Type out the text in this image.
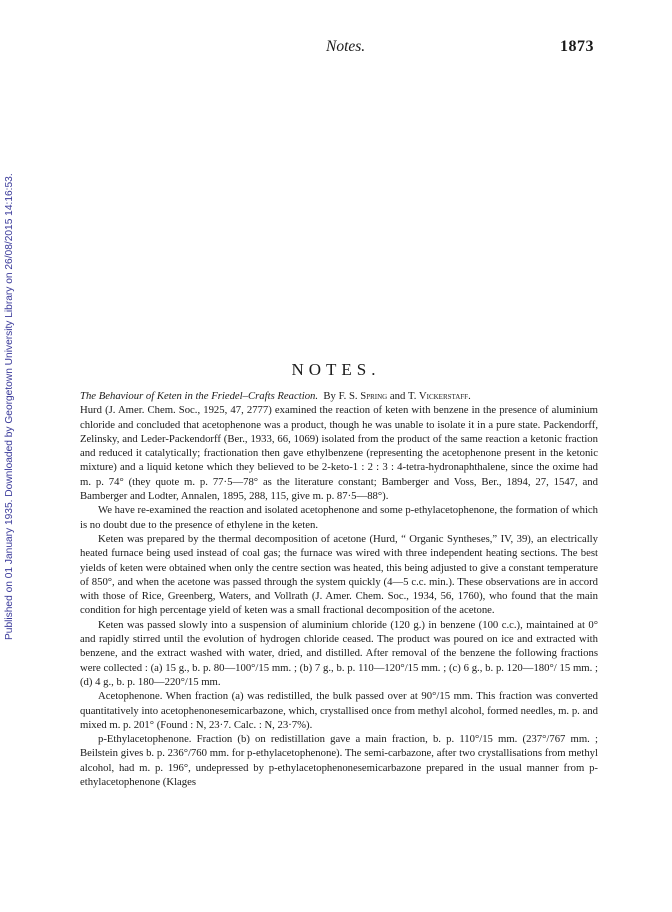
Notes.	1873
Published on 01 January 1935. Downloaded by Georgetown University Library on 26/08/2015 14:16:53.	NOTES.

The Behaviour of Keten in the Friedel–Crafts Reaction. By F. S. Spring and T. Vickerstaff.

Hurd (J. Amer. Chem. Soc., 1925, 47, 2777) examined the reaction of keten with benzene in the presence of aluminium chloride and concluded that acetophenone was a product, though he was unable to isolate it in a pure state. Packendorff, Zelinsky, and Leder-Packendorff (Ber., 1933, 66, 1069) isolated from the product of the same reaction a ketonic fraction and reduced it catalytically; fractionation then gave ethylbenzene (representing the acetophenone present in the ketonic mixture) and a liquid ketone which they believed to be 2-keto-1 : 2 : 3 : 4-tetra-hydronaphthalene, since the oxime had m. p. 74° (they quote m. p. 77·5—78° as the literature constant; Bamberger and Voss, Ber., 1894, 27, 1547, and Bamberger and Lodter, Annalen, 1895, 288, 115, give m. p. 87·5—88°).

We have re-examined the reaction and isolated acetophenone and some p-ethylacetophenone, the formation of which is no doubt due to the presence of ethylene in the keten.

Keten was prepared by the thermal decomposition of acetone (Hurd, “ Organic Syntheses,” IV, 39), an electrically heated furnace being used instead of coal gas; the furnace was wired with three independent heating sections. The best yields of keten were obtained when only the centre section was heated, this being adjusted to give a constant temperature of 850°, and when the acetone was passed through the system quickly (4—5 c.c. min.). These observations are in accord with those of Rice, Greenberg, Waters, and Vollrath (J. Amer. Chem. Soc., 1934, 56, 1760), who found that the main condition for high percentage yield of keten was a small fractional decomposition of the acetone.

Keten was passed slowly into a suspension of aluminium chloride (120 g.) in benzene (100 c.c.), maintained at 0° and rapidly stirred until the evolution of hydrogen chloride ceased. The product was poured on ice and extracted with benzene, and the extract washed with water, dried, and distilled. After removal of the benzene the following fractions were collected : (a) 15 g., b. p. 80—100°/15 mm. ; (b) 7 g., b. p. 110—120°/15 mm. ; (c) 6 g., b. p. 120—180°/ 15 mm. ; (d) 4 g., b. p. 180—220°/15 mm.

Acetophenone. When fraction (a) was redistilled, the bulk passed over at 90°/15 mm. This fraction was converted quantitatively into acetophenonesemicarbazone, which, crystallised once from methyl alcohol, formed needles, m. p. and mixed m. p. 201° (Found : N, 23·7. Calc. : N, 23·7%).

p-Ethylacetophenone. Fraction (b) on redistillation gave a main fraction, b. p. 110°/15 mm. (237°/767 mm. ; Beilstein gives b. p. 236°/760 mm. for p-ethylacetophenone). The semi-carbazone, after two crystallisations from methyl alcohol, had m. p. 196°, undepressed by p-ethylacetophenonesemicarbazone prepared in the usual manner from p-ethylacetophenone (Klages
